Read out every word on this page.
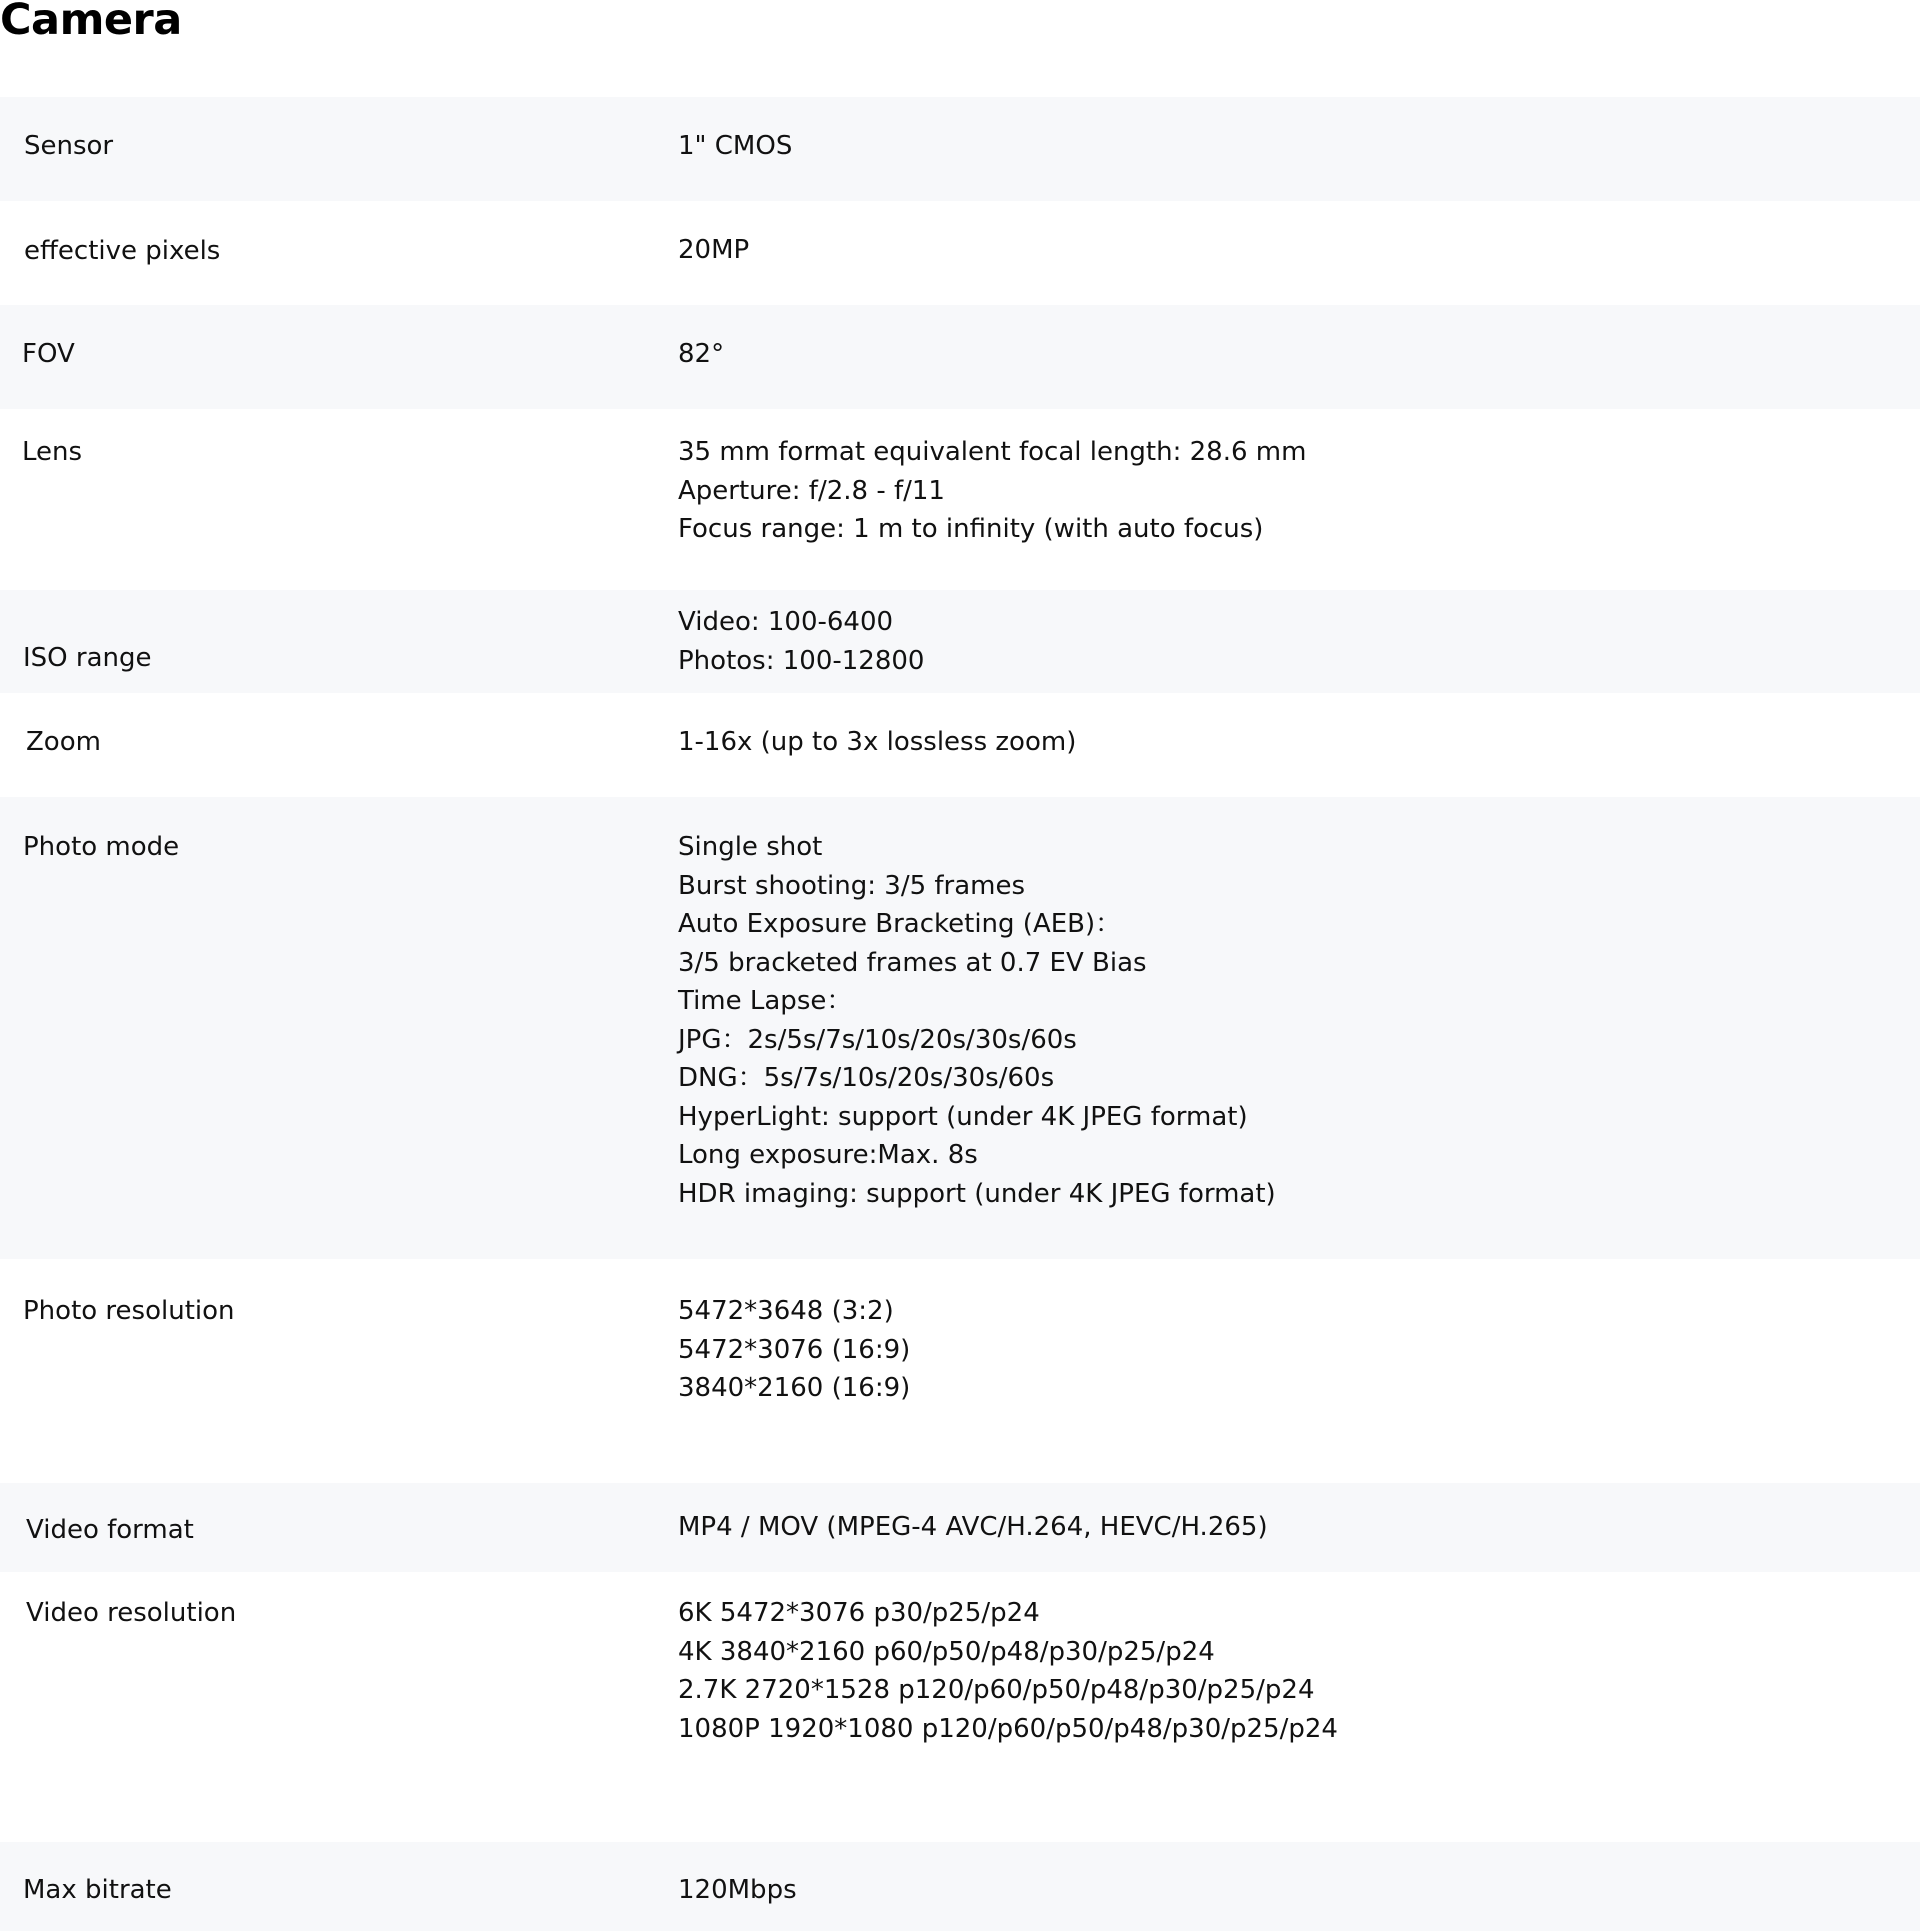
Camera
Sensor	1" CMOS
effective pixels	20MP
FOV	82°
Lens	35 mm format equivalent focal length: 28.6 mm
Aperture: f/2.8 - f/11
Focus range: 1 m to infinity (with auto focus)
ISO range
Video: 100-6400
Photos: 100-12800
Zoom	1-16x (up to 3x lossless zoom)
Photo mode	Single shot
Burst shooting: 3/5 frames
Auto Exposure Bracketing (AEB)：
3/5 bracketed frames at 0.7 EV Bias
Time Lapse：
JPG：2s/5s/7s/10s/20s/30s/60s
DNG：5s/7s/10s/20s/30s/60s
HyperLight: support (under 4K JPEG format)
Long exposure:Max. 8s
HDR imaging: support (under 4K JPEG format)
Photo resolution	5472*3648 (3:2)
5472*3076 (16:9)
3840*2160 (16:9)
Video format	MP4 / MOV (MPEG-4 AVC/H.264, HEVC/H.265)
Video resolution	6K 5472*3076 p30/p25/p24
4K 3840*2160 p60/p50/p48/p30/p25/p24
2.7K 2720*1528 p120/p60/p50/p48/p30/p25/p24
1080P 1920*1080 p120/p60/p50/p48/p30/p25/p24
Max bitrate	120Mbps
